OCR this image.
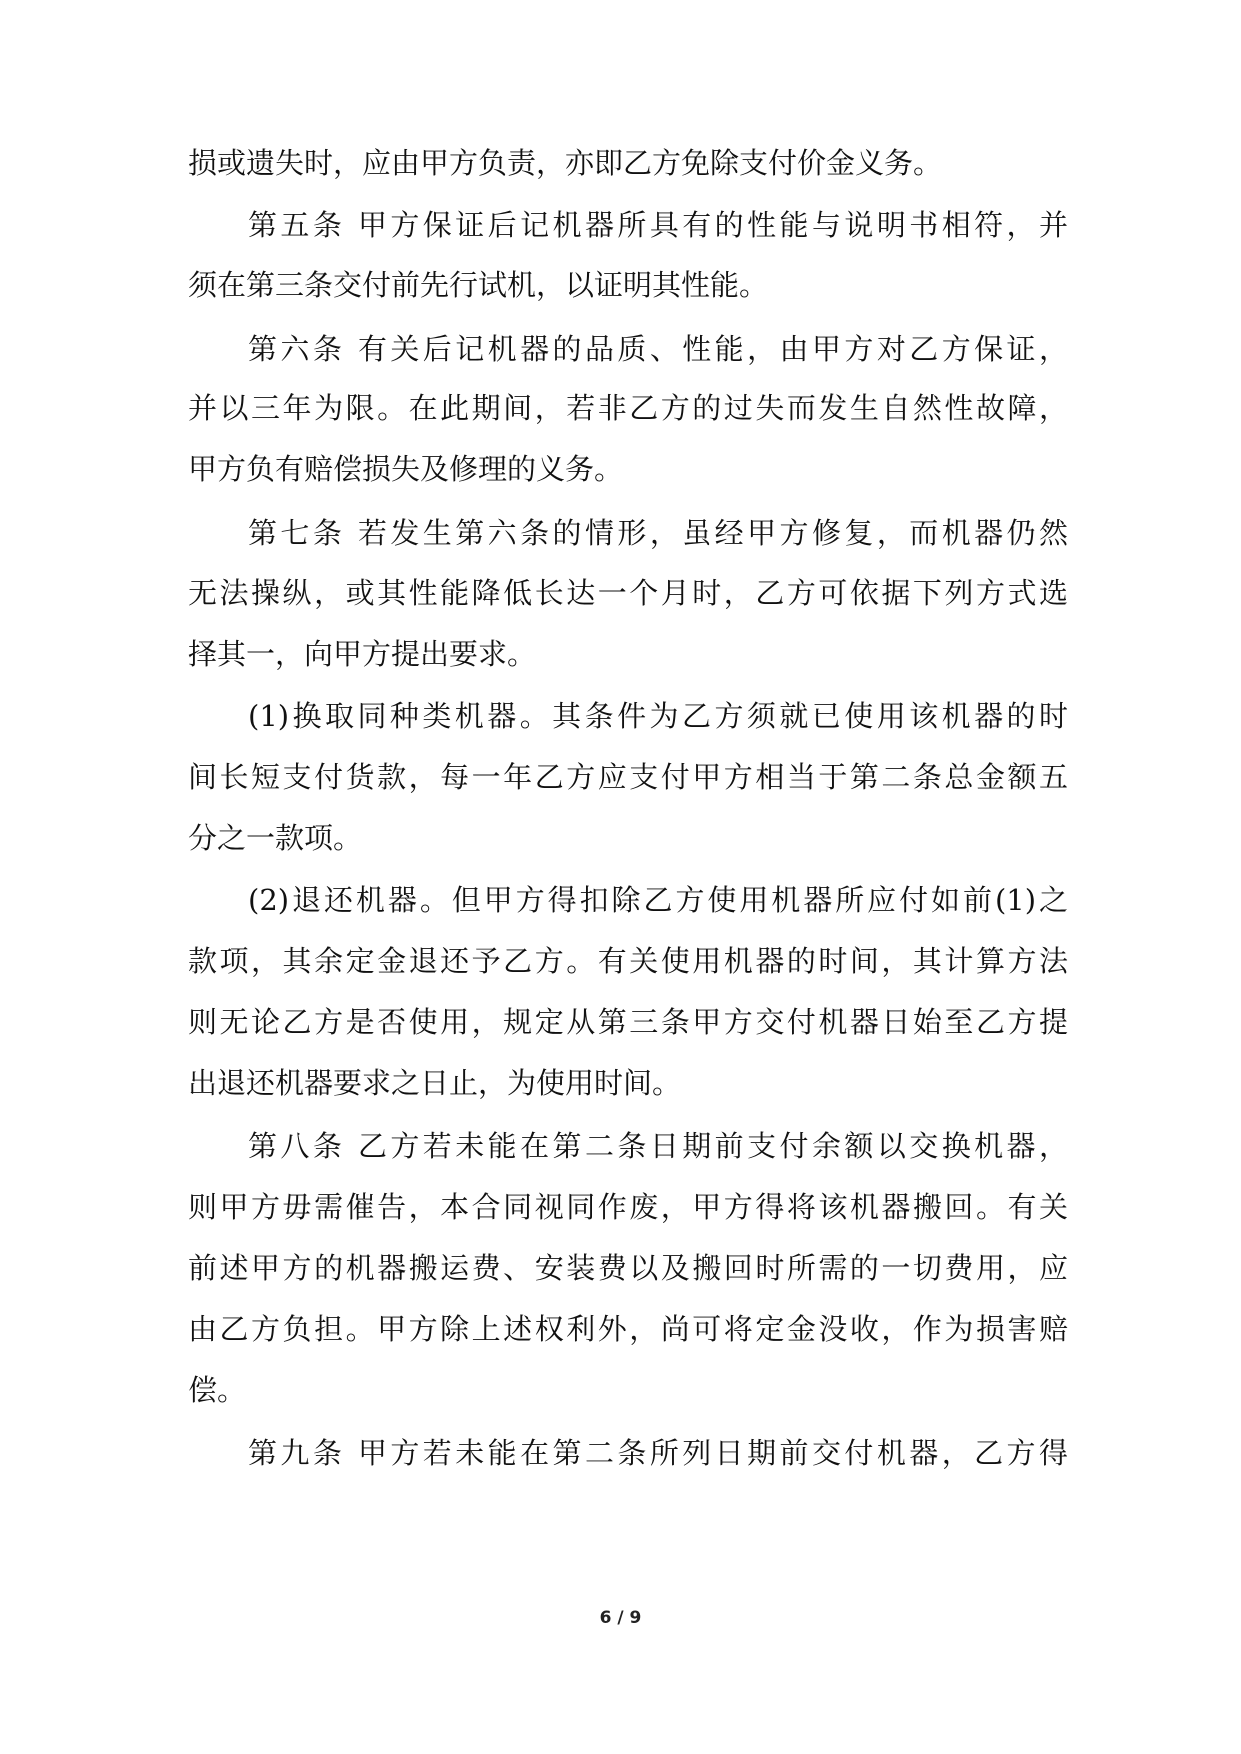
损或遗失时，应由甲方负责，亦即乙方免除支付价金义务。
第五条 甲方保证后记机器所具有的性能与说明书相符，并
须在第三条交付前先行试机，以证明其性能。
第六条 有关后记机器的品质、性能，由甲方对乙方保证，
并以三年为限。在此期间，若非乙方的过失而发生自然性故障，
甲方负有赔偿损失及修理的义务。
第七条 若发生第六条的情形，虽经甲方修复，而机器仍然
无法操纵，或其性能降低长达一个月时，乙方可依据下列方式选
择其一，向甲方提出要求。
(1)换取同种类机器。其条件为乙方须就已使用该机器的时
间长短支付货款，每一年乙方应支付甲方相当于第二条总金额五
分之一款项。
(2)退还机器。但甲方得扣除乙方使用机器所应付如前(1)之
款项，其余定金退还予乙方。有关使用机器的时间，其计算方法
则无论乙方是否使用，规定从第三条甲方交付机器日始至乙方提
出退还机器要求之日止，为使用时间。
第八条 乙方若未能在第二条日期前支付余额以交换机器，
则甲方毋需催告，本合同视同作废，甲方得将该机器搬回。有关
前述甲方的机器搬运费、安装费以及搬回时所需的一切费用，应
由乙方负担。甲方除上述权利外，尚可将定金没收，作为损害赔
偿。
第九条 甲方若未能在第二条所列日期前交付机器，乙方得
6 / 9
